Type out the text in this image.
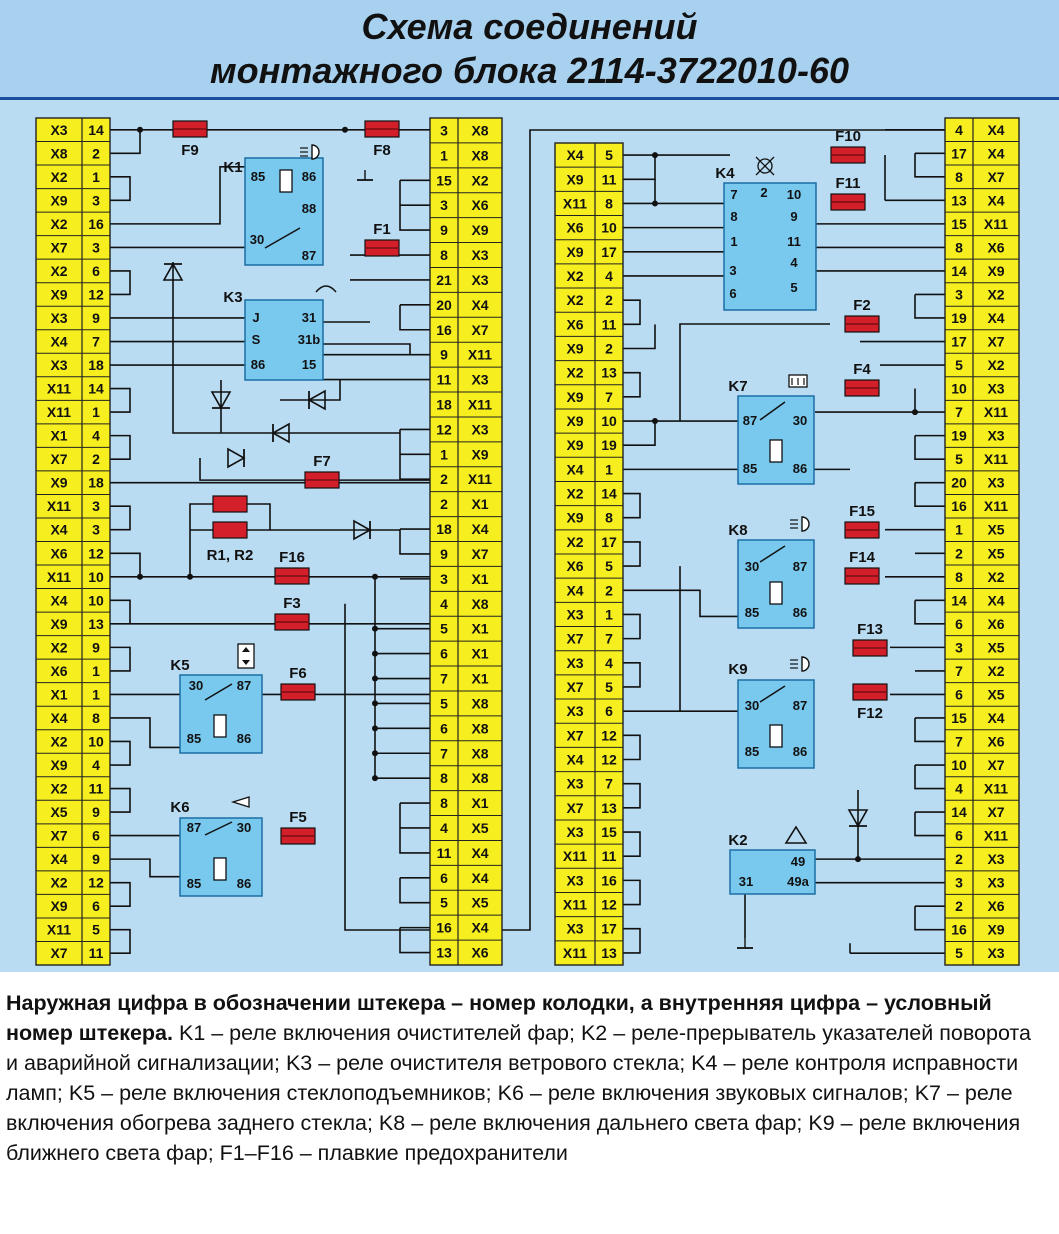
Схема соединений
монтажного блока 2114-3722010-60
X3 14
X8 2
X2 1
X9 3
X2 16
X7 3
X2 6
X9 12
X3 9
X4 7
X3 18
X11 14
X11 1
X1 4
X7 2
X9 18
X11 3
X4 3
X6 12
X11 10
X4 10
X9 13
X2 9
X6 1
X1 1
X4 8
X2 10
X9 4
X2 11
X5 9
X7 6
X4 9
X2 12
X9 6
X11 5
X7 11
3 X8
1 X8
15 X2
3 X6
9 X9
8 X3
21 X3
20 X4
16 X7
9 X11
11 X3
18 X11
12 X3
1 X9
2 X11
2 X1
18 X4
9 X7
3 X1
4 X8
5 X1
6 X1
7 X1
5 X8
6 X8
7 X8
8 X8
8 X1
4 X5
11 X4
6 X4
5 X5
16 X4
13 X6
X4 5
X9 11
X11 8
X6 10
X9 17
X2 4
X2 2
X6 11
X9 2
X2 13
X9 7
X9 10
X9 19
X4 1
X2 14
X9 8
X2 17
X6 5
X4 2
X3 1
X7 7
X3 4
X7 5
X3 6
X7 12
X4 12
X3 7
X7 13
X3 15
X11 11
X3 16
X11 12
X3 17
X11 13
4 X4
17 X4
8 X7
13 X4
15 X11
8 X6
14 X9
3 X2
19 X4
17 X7
5 X2
10 X3
7 X11
19 X3
5 X11
20 X3
16 X11
1 X5
2 X5
8 X2
14 X4
6 X6
3 X5
7 X2
6 X5
15 X4
7 X6
10 X7
4 X11
14 X7
6 X11
2 X3
3 X3
2 X6
16 X9
5 X3
F1
F2
F3
F4
F5
F6
F7
F8
F9
F10
F11
F12
F13
F14
F15
F16
R1, R2
K1
85	86
88
30
87
K3
J	31
S	31b
86	15
K5
30	87
85	86
K6
87	30
85	86
K4
2
7	10
8	9
1	11
3
4
6	5
K7
87	30
85	86
K8
30	87
85	86
K9
30	87
85	86
K2
49
31	49a
Наружная цифра в обозначении штекера – номер колодки, а внутренняя цифра – условный номер штекера. K1 – реле включения очистителей фар; K2 – реле-прерыватель указателей поворота и аварийной сигнализации; K3 – реле очистителя ветрового стекла; K4 – реле контроля исправности ламп; K5 – реле включения стеклоподъемников; K6 – реле включения звуковых сигналов; K7 – реле включения обогрева заднего стекла; K8 – реле включения дальнего света фар; K9 – реле включения ближнего света фар; F1–F16 – плавкие предохранители
